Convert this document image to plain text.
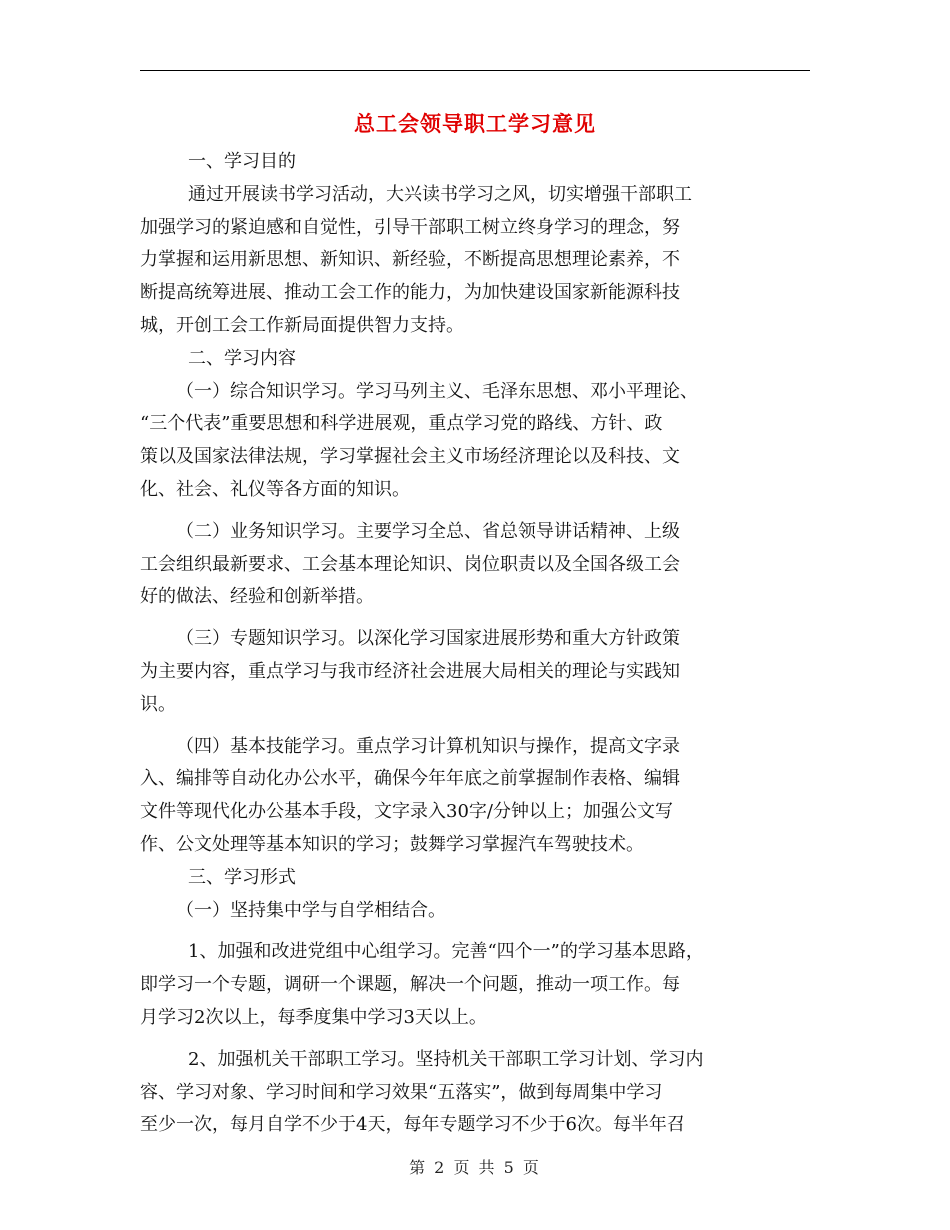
总工会领导职工学习意见
一、学习目的
通过开展读书学习活动，大兴读书学习之风，切实增强干部职工
加强学习的紧迫感和自觉性，引导干部职工树立终身学习的理念，努
力掌握和运用新思想、新知识、新经验，不断提高思想理论素养，不
断提高统筹进展、推动工会工作的能力，为加快建设国家新能源科技
城，开创工会工作新局面提供智力支持。
二、学习内容
（一）综合知识学习。学习马列主义、毛泽东思想、邓小平理论、
“三个代表”重要思想和科学进展观，重点学习党的路线、方针、政
策以及国家法律法规，学习掌握社会主义市场经济理论以及科技、文
化、社会、礼仪等各方面的知识。
（二）业务知识学习。主要学习全总、省总领导讲话精神、上级
工会组织最新要求、工会基本理论知识、岗位职责以及全国各级工会
好的做法、经验和创新举措。
（三）专题知识学习。以深化学习国家进展形势和重大方针政策
为主要内容，重点学习与我市经济社会进展大局相关的理论与实践知
识。
（四）基本技能学习。重点学习计算机知识与操作，提高文字录
入、编排等自动化办公水平，确保今年年底之前掌握制作表格、编辑
文件等现代化办公基本手段，文字录入30字/分钟以上；加强公文写
作、公文处理等基本知识的学习；鼓舞学习掌握汽车驾驶技术。
三、学习形式
（一）坚持集中学与自学相结合。
1、加强和改进党组中心组学习。完善“四个一”的学习基本思路，
即学习一个专题，调研一个课题，解决一个问题，推动一项工作。每
月学习2次以上，每季度集中学习3天以上。
2、加强机关干部职工学习。坚持机关干部职工学习计划、学习内
容、学习对象、学习时间和学习效果“五落实”，做到每周集中学习
至少一次，每月自学不少于4天，每年专题学习不少于6次。每半年召
第 2 页 共 5 页
